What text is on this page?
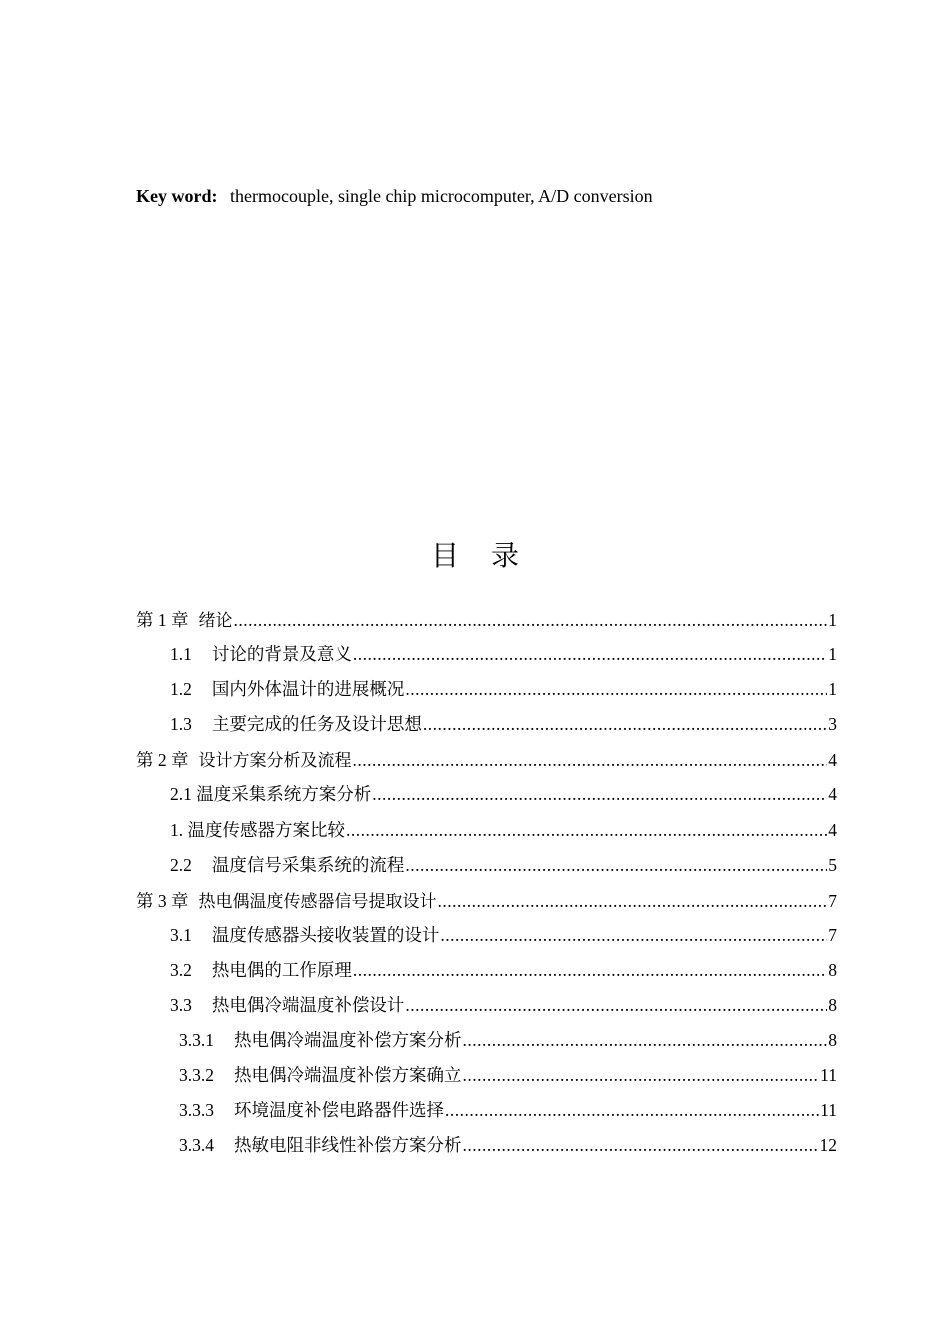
Key word: thermocouple, single chip microcomputer, A/D conversion
目录
第 1 章 绪论 .....	1
1.1 讨论的背景及意义 .....	1
1.2 国内外体温计的进展概况 .....	1
1.3 主要完成的任务及设计思想 .....	3
第 2 章 设计方案分析及流程 .....	4
2.1 温度采集系统方案分析 .....	4
1. 温度传感器方案比较 .....	4
2.2 温度信号采集系统的流程 .....	5
第 3 章 热电偶温度传感器信号提取设计 .....	7
3.1 温度传感器头接收装置的设计 .....	7
3.2 热电偶的工作原理 .....	8
3.3 热电偶冷端温度补偿设计 .....	8
3.3.1 热电偶冷端温度补偿方案分析 .....	8
3.3.2 热电偶冷端温度补偿方案确立 .....	11
3.3.3 环境温度补偿电路器件选择 .....	11
3.3.4 热敏电阻非线性补偿方案分析 .....	12
